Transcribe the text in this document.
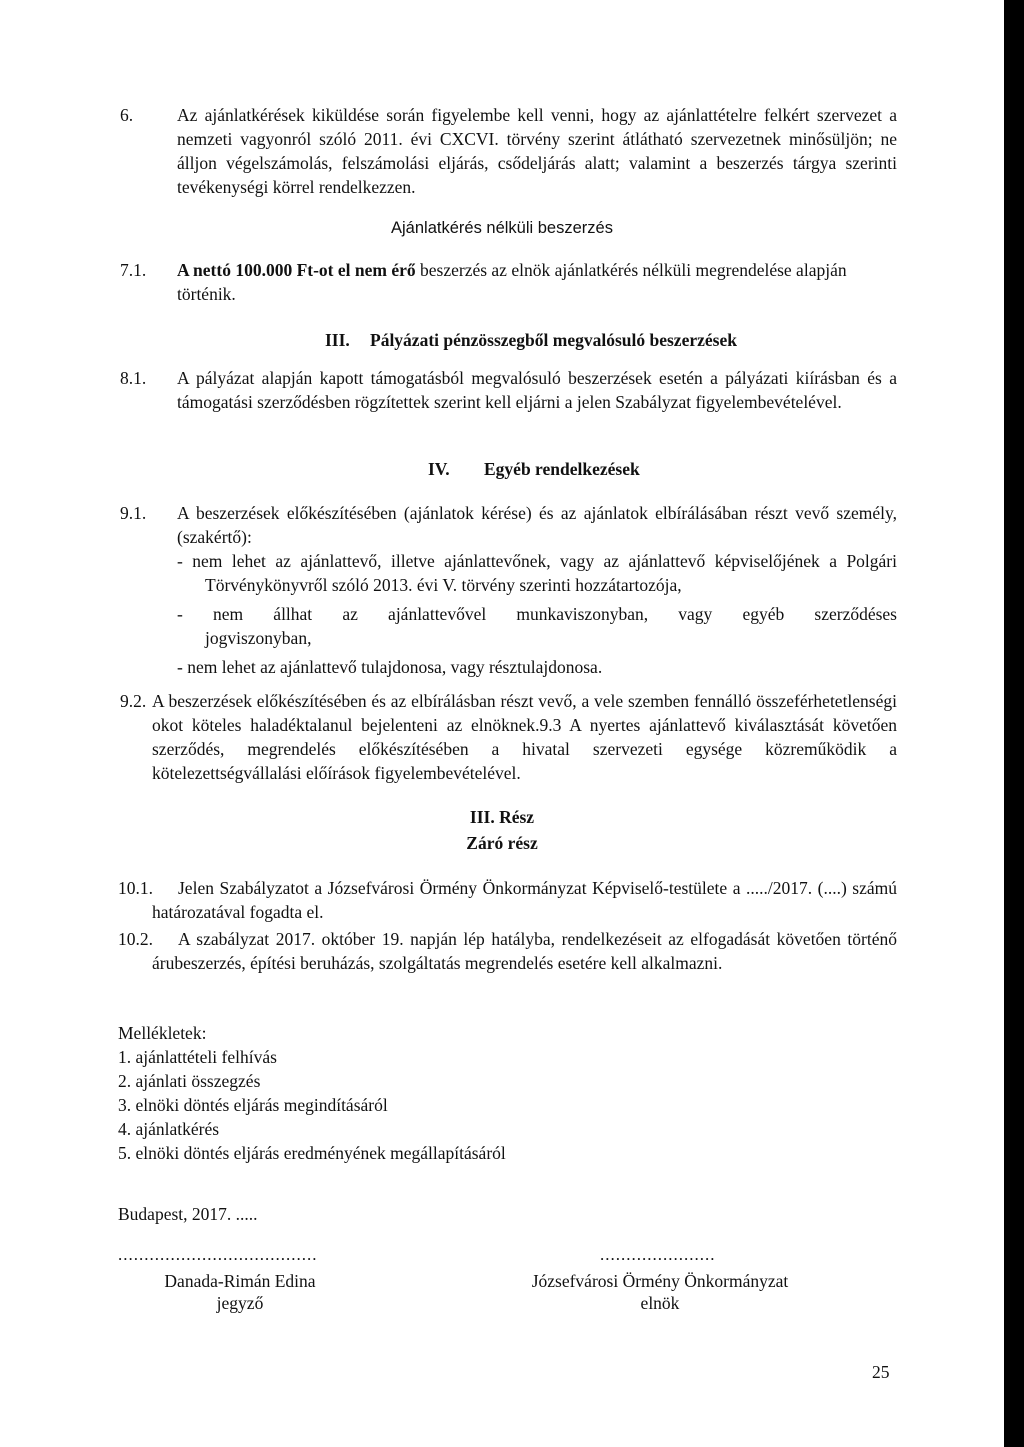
6.	Az ajánlatkérések kiküldése során figyelembe kell venni, hogy az ajánlattételre felkért szervezet a nemzeti vagyonról szóló 2011. évi CXCVI. törvény szerint átlátható szervezetnek minősüljön; ne álljon végelszámolás, felszámolási eljárás, csődeljárás alatt; valamint a beszerzés tárgya szerinti tevékenységi körrel rendelkezzen.
Ajánlatkérés nélküli beszerzés
7.1. A nettó 100.000 Ft-ot el nem érő beszerzés az elnök ajánlatkérés nélküli megrendelése alapján történik.
III. Pályázati pénzösszegből megvalósuló beszerzések
8.1. A pályázat alapján kapott támogatásból megvalósuló beszerzések esetén a pályázati kiírásban és a támogatási szerződésben rögzítettek szerint kell eljárni a jelen Szabályzat figyelembevételével.
IV. Egyéb rendelkezések
9.1. A beszerzések előkészítésében (ajánlatok kérése) és az ajánlatok elbírálásában részt vevő személy, (szakértő):
- nem lehet az ajánlattevő, illetve ajánlattevőnek, vagy az ajánlattevő képviselőjének a Polgári Törvénykönyvről szóló 2013. évi V. törvény szerinti hozzátartozója,
- nem állhat az ajánlattevővel munkaviszonyban, vagy egyéb szerződéses jogviszonyban,
- nem lehet az ajánlattevő tulajdonosa, vagy résztulajdonosa.
9.2. A beszerzések előkészítésében és az elbírálásban részt vevő, a vele szemben fennálló összeférhetetlenségi okot köteles haladéktalanul bejelenteni az elnöknek.9.3 A nyertes ajánlattevő kiválasztását követően szerződés, megrendelés előkészítésében a hivatal szervezeti egysége közreműködik a kötelezettségvállalási előírások figyelembevételével.
III. Rész
Záró rész
10.1.	Jelen Szabályzatot a Józsefvárosi Örmény Önkormányzat Képviselő-testülete a ...../2017. (....) számú határozatával fogadta el.
10.2.	A szabályzat 2017. október 19. napján lép hatályba, rendelkezéseit az elfogadását követően történő árubeszerzés, építési beruházás, szolgáltatás megrendelés esetére kell alkalmazni.
Mellékletek:
1. ajánlattételi felhívás
2. ajánlati összegzés
3. elnöki döntés eljárás megindításáról
4. ajánlatkérés
5. elnöki döntés eljárás eredményének megállapításáról
Budapest, 2017. .....
......................................
Danada-Rimán Edina
jegyző
......................
Józsefvárosi Örmény Önkormányzat
elnök
25
